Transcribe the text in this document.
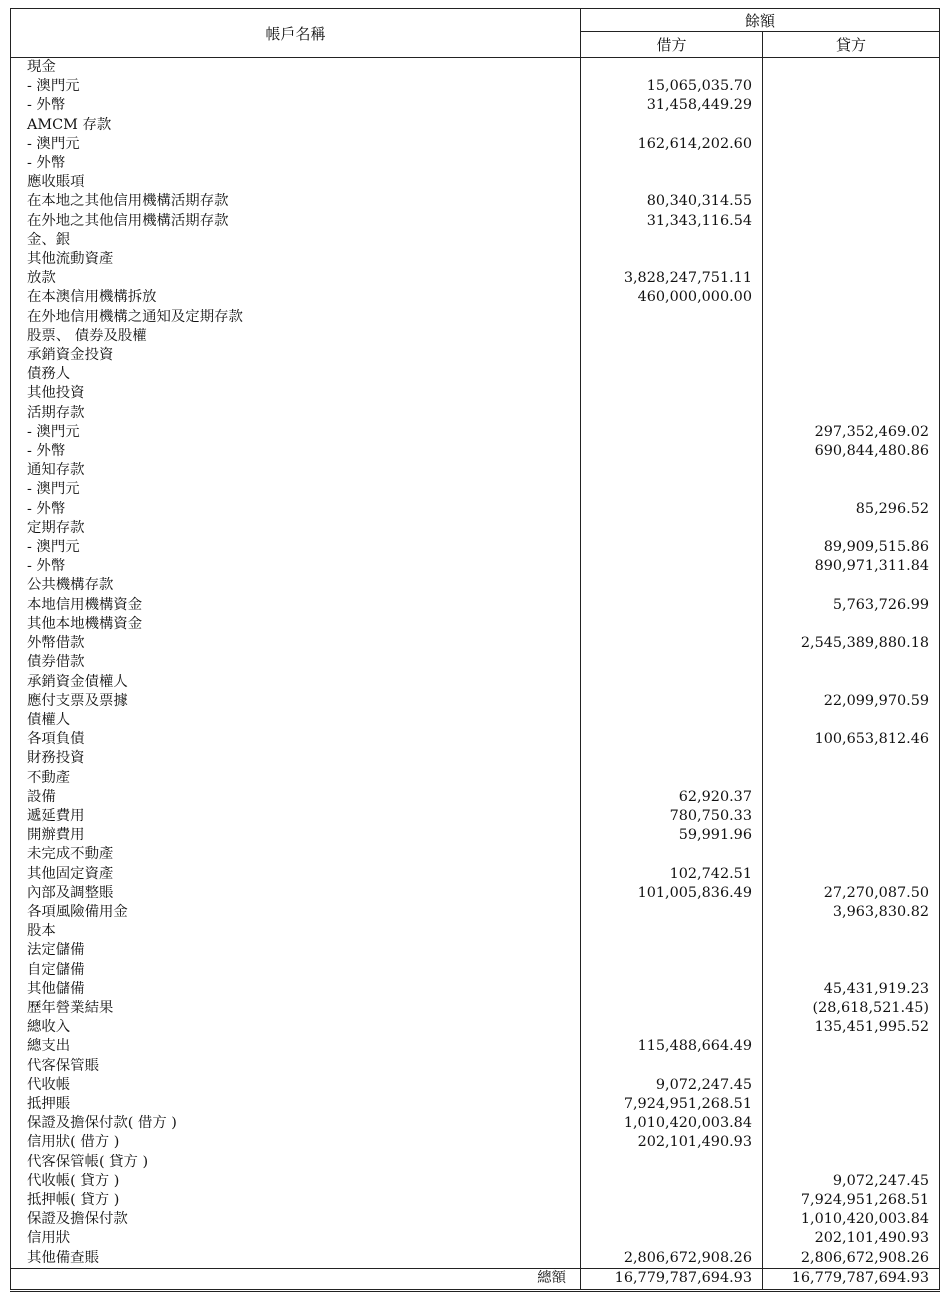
帳戶名稱	餘額	
	借方	貸方
現金		
- 澳門元	15,065,035.70	
- 外幣	31,458,449.29	
AMCM 存款		
- 澳門元	162,614,202.60	
- 外幣		
應收賬項		
在本地之其他信用機構活期存款	80,340,314.55	
在外地之其他信用機構活期存款	31,343,116.54	
金、銀		
其他流動資產		
放款	3,828,247,751.11	
在本澳信用機構拆放	460,000,000.00	
在外地信用機構之通知及定期存款		
股票、 債券及股權		
承銷資金投資		
債務人		
其他投資		
活期存款		
- 澳門元		297,352,469.02
- 外幣		690,844,480.86
通知存款		
- 澳門元		
- 外幣		85,296.52
定期存款		
- 澳門元		89,909,515.86
- 外幣		890,971,311.84
公共機構存款		
本地信用機構資金		5,763,726.99
其他本地機構資金		
外幣借款		2,545,389,880.18
債券借款		
承銷資金債權人		
應付支票及票據		22,099,970.59
債權人		
各項負債		100,653,812.46
財務投資		
不動產		
設備	62,920.37	
遞延費用	780,750.33	
開辦費用	59,991.96	
未完成不動產		
其他固定資產	102,742.51	
內部及調整賬	101,005,836.49	27,270,087.50
各項風險備用金		3,963,830.82
股本		
法定儲備		
自定儲備		
其他儲備		45,431,919.23
歷年營業結果		(28,618,521.45)
總收入		135,451,995.52
總支出	115,488,664.49	
代客保管賬		
代收帳	9,072,247.45	
抵押賬	7,924,951,268.51	
保證及擔保付款( 借方 )	1,010,420,003.84	
信用狀( 借方 )	202,101,490.93	
代客保管帳( 貸方 )		
代收帳( 貸方 )		9,072,247.45
抵押帳( 貸方 )		7,924,951,268.51
保證及擔保付款		1,010,420,003.84
信用狀		202,101,490.93
其他備查賬	2,806,672,908.26	2,806,672,908.26
總額	16,779,787,694.93	16,779,787,694.93
